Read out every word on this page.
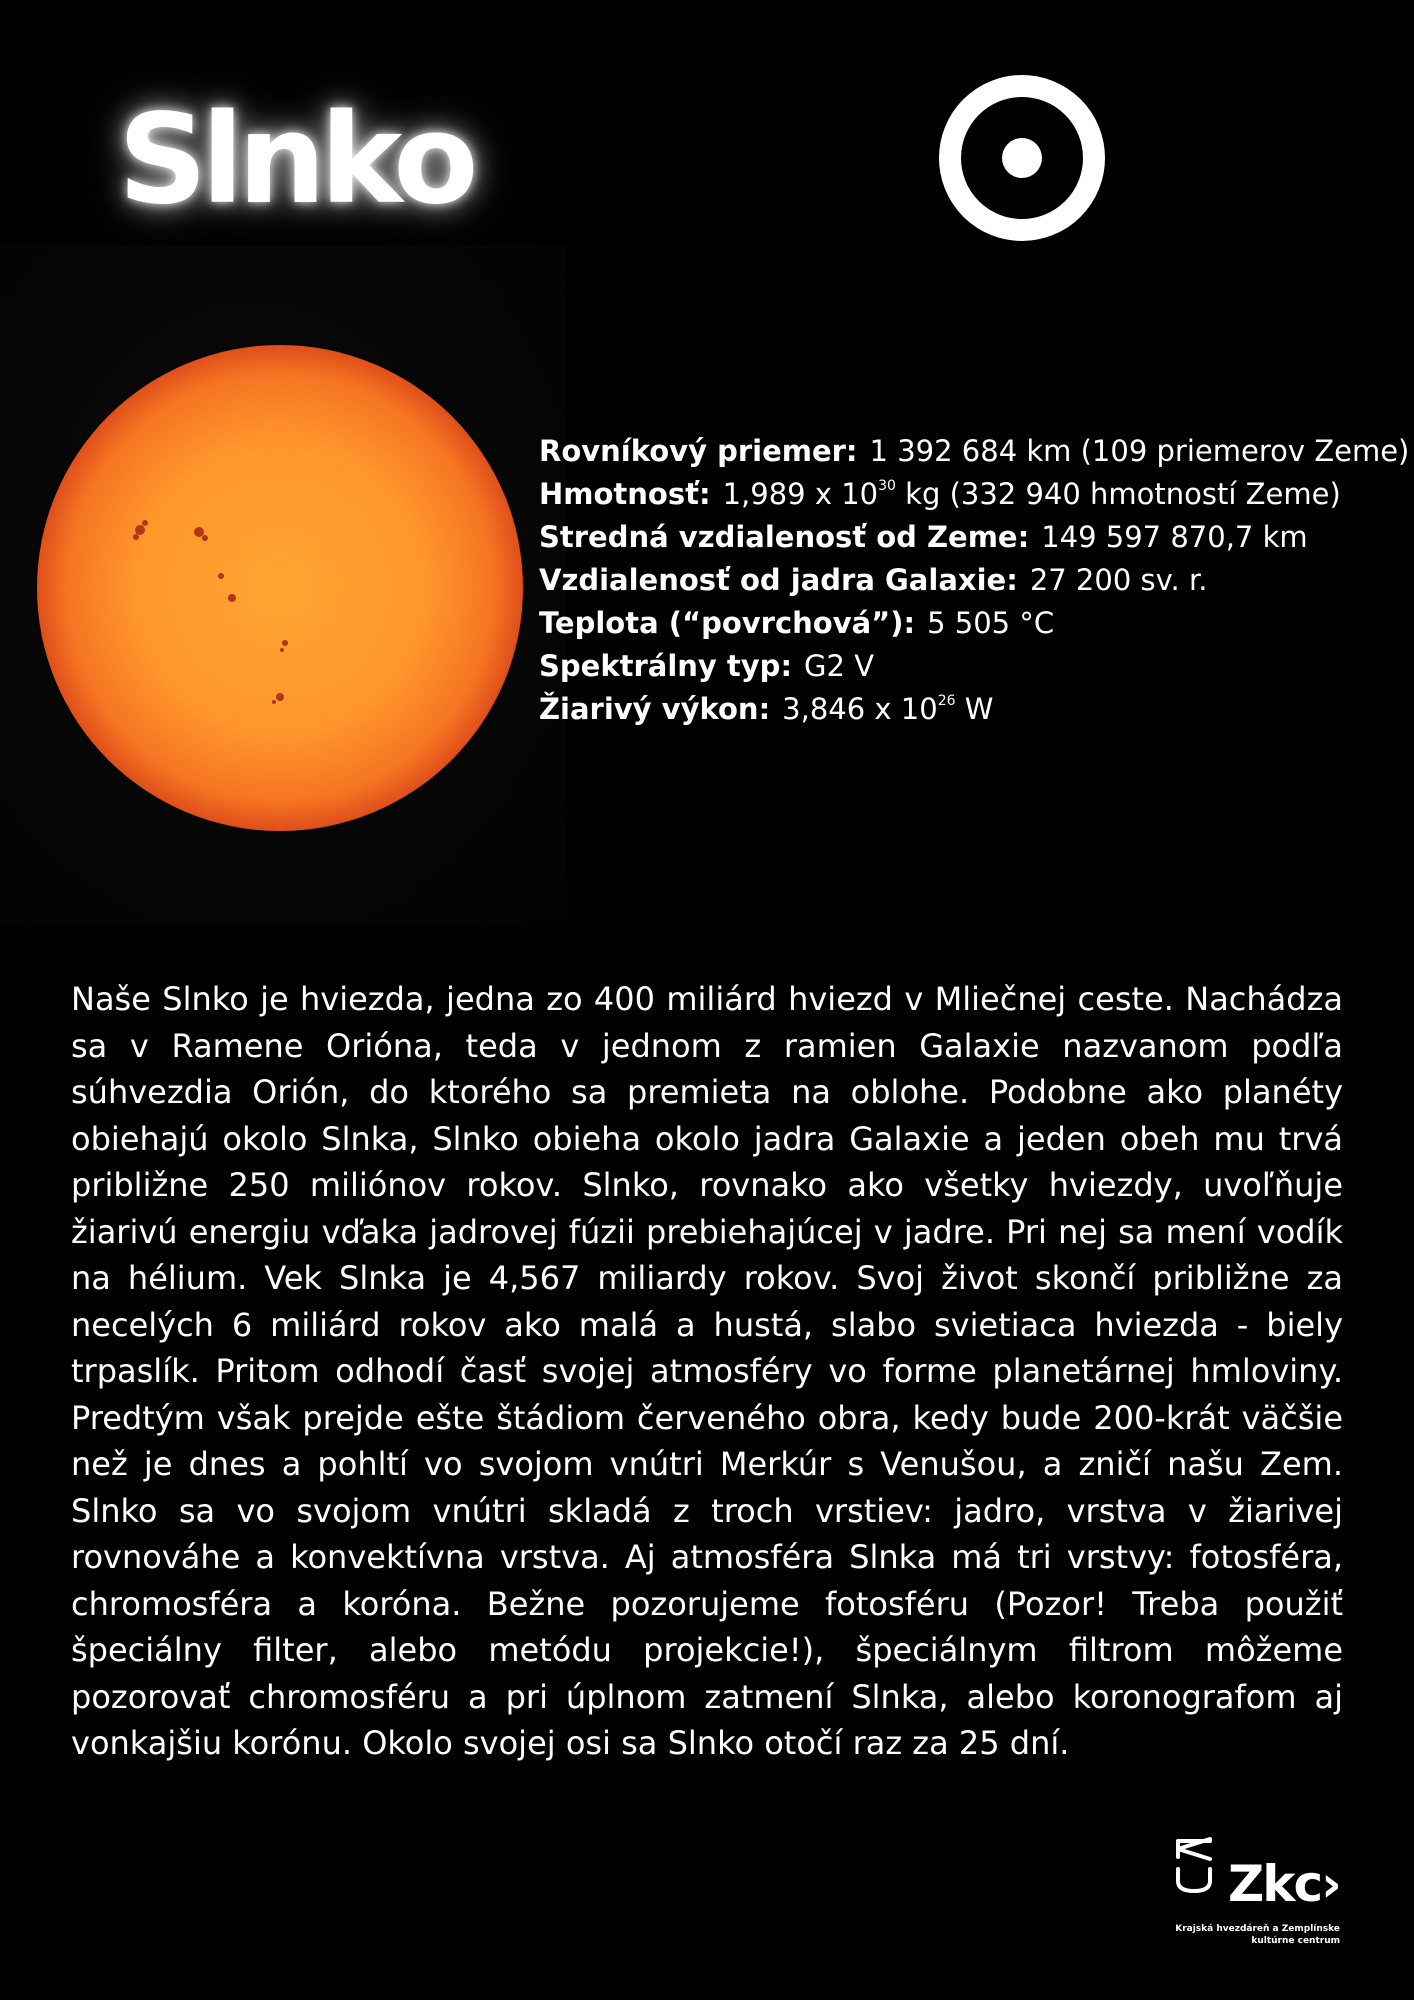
Slnko
Rovníkový priemer: 1 392 684 km (109 priemerov Zeme)
Hmotnosť: 1,989 x $10^{30}$ kg (332 940 hmotností Zeme)
Stredná vzdialenosť od Zeme: 149 597 870,7 km
Vzdialenosť od jadra Galaxie: 27 200 sv. r.
Teplota (“povrchová”): 5 505 °C
Spektrálny typ: G2 V
Žiarivý výkon: 3,846 x $10^{26}$ W

Naše Slnko je hviezda, jedna zo 400 miliárd hviezd v Mliečnej ceste. Nachádza sa v Ramene Orióna, teda v jednom z ramien Galaxie nazvanom podľa súhvezdia Orión, do ktorého sa premieta na oblohe. Podobne ako planéty obiehajú okolo Slnka, Slnko obieha okolo jadra Galaxie a jeden obeh mu trvá približne 250 miliónov rokov. Slnko, rovnako ako všetky hviezdy, uvoľňuje žiarivú energiu vďaka jadrovej fúzii prebiehajúcej v jadre. Pri nej sa mení vodík na hélium. Vek Slnka je 4,567 miliardy rokov. Svoj život skončí približne za necelých 6 miliárd rokov ako malá a hustá, slabo svietiaca hviezda - biely trpaslík. Pritom odhodí časť svojej atmosféry vo forme planetárnej hmloviny. Predtým však prejde ešte štádiom červeného obra, kedy bude 200-krát väčšie než je dnes a pohltí vo svojom vnútri Merkúr s Venušou, a zničí našu Zem. Slnko sa vo svojom vnútri skladá z troch vrstiev: jadro, vrstva v žiarivej rovnováhe a konvektívna vrstva. Aj atmosféra Slnka má tri vrstvy: fotosféra, chromosféra a koróna. Bežne pozorujeme fotosféru (Pozor! Treba použiť špeciálny filter, alebo metódu projekcie!), špeciálnym filtrom môžeme pozorovať chromosféru a pri úplnom zatmení Slnka, alebo koronografom aj vonkajšiu korónu. Okolo svojej osi sa Slnko otočí raz za 25 dní.

Zkc›
Krajská hvezdáreň a Zemplínske kultúrne centrum
